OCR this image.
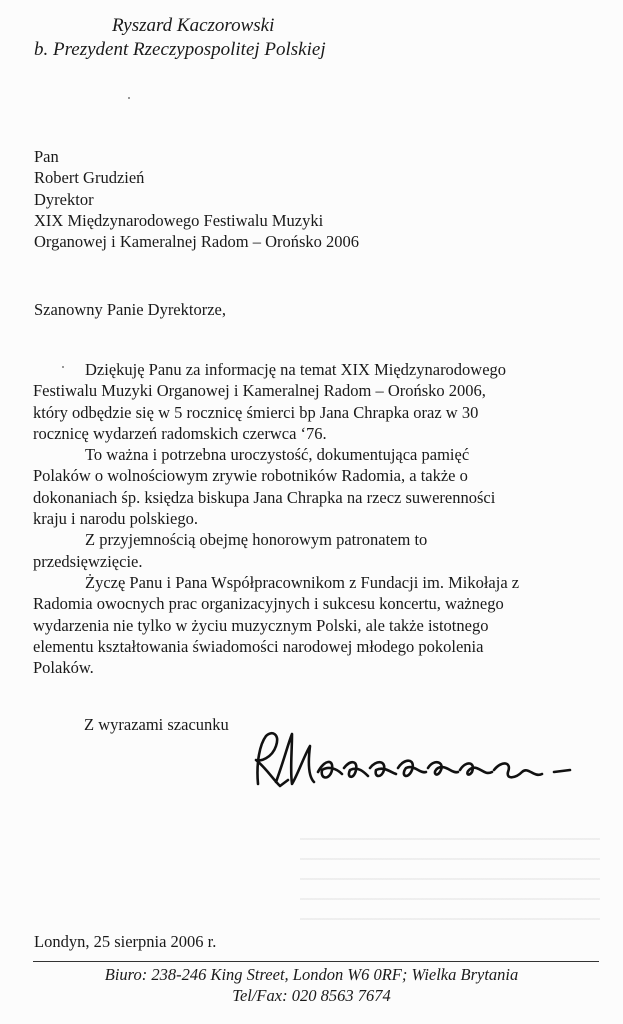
Ryszard Kaczorowski
b. Prezydent Rzeczypospolitej Polskiej
Pan
Robert Grudzień
Dyrektor
XIX Międzynarodowego Festiwalu Muzyki
Organowej i Kameralnej Radom – Orońsko 2006
Szanowny Panie Dyrektorze,
Dziękuję Panu za informację na temat XIX Międzynarodowego
Festiwalu Muzyki Organowej i Kameralnej Radom – Orońsko 2006,
który odbędzie się w 5 rocznicę śmierci bp Jana Chrapka oraz w 30
rocznicę wydarzeń radomskich czerwca ‘76.
To ważna i potrzebna uroczystość, dokumentująca pamięć
Polaków o wolnościowym zrywie robotników Radomia, a także o
dokonaniach śp. księdza biskupa Jana Chrapka na rzecz suwerenności
kraju i narodu polskiego.
Z przyjemnością obejmę honorowym patronatem to
przedsięwzięcie.
Życzę Panu i Pana Współpracownikom z Fundacji im. Mikołaja z
Radomia owocnych prac organizacyjnych i sukcesu koncertu, ważnego
wydarzenia nie tylko w życiu muzycznym Polski, ale także istotnego
elementu kształtowania świadomości narodowej młodego pokolenia
Polaków.
Z wyrazami szacunku
Londyn, 25 sierpnia 2006 r.
Biuro: 238-246 King Street, London W6 0RF; Wielka Brytania
Tel/Fax: 020 8563 7674
